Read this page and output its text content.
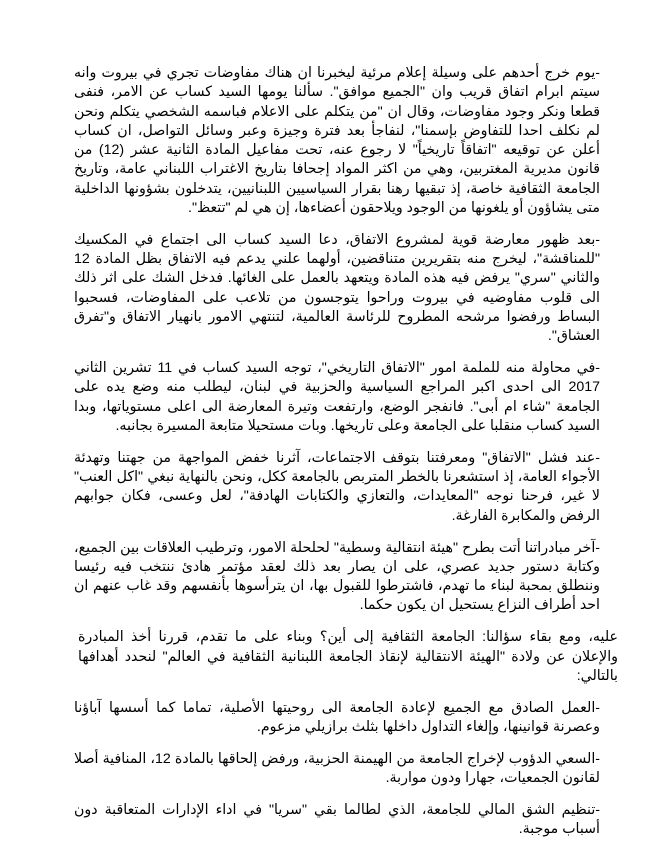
-يوم خرج أحدهم على وسيلة إعلام مرئية ليخبرنا ان هناك مفاوضات تجري في بيروت وانه سيتم ابرام اتفاق قريب وان "الجميع موافق". سألنا يومها السيد كساب عن الامر، فنفى قطعا ونكر وجود مفاوضات، وقال ان "من يتكلم على الاعلام فباسمه الشخصي يتكلم ونحن لم نكلف احدا للتفاوض بإسمنا"، لنفاجأ بعد فترة وجيزة وعبر وسائل التواصل، ان كساب أعلن عن توقيعه "اتفاقاً تاريخياً" لا رجوع عنه، تحت مفاعيل المادة الثانية عشر (12) من قانون مديرية المغتربين، وهي من اكثر المواد إجحافا بتاريخ الاغتراب اللبناني عامة، وتاريخ الجامعة الثقافية خاصة، إذ تبقيها رهنا بقرار السياسيين اللبنانيين، يتدخلون بشؤونها الداخلية متى يشاؤون أو يلغونها من الوجود ويلاحقون أعضاءها، إن هي لم "تتعظ".

-بعد ظهور معارضة قوية لمشروع الاتفاق، دعا السيد كساب الى اجتماع في المكسيك "للمناقشة"، ليخرج منه بتقريرين متناقضين، أولهما علني يدعم فيه الاتفاق بظل المادة 12 والثاني "سري" يرفض فيه هذه المادة ويتعهد بالعمل على الغائها. فدخل الشك على اثر ذلك الى قلوب مفاوضيه في بيروت وراحوا يتوجسون من تلاعب على المفاوضات، فسحبوا البساط ورفضوا مرشحه المطروح للرئاسة العالمية، لتنتهي الامور بانهيار الاتفاق و"تفرق العشاق".

-في محاولة منه للملمة امور "الاتفاق التاريخي"، توجه السيد كساب في 11 تشرين الثاني 2017 الى احدى اكبر المراجع السياسية والحزبية في لبنان، ليطلب منه وضع يده على الجامعة "شاء ام أبى". فانفجر الوضع، وارتفعت وتيرة المعارضة الى اعلى مستوياتها، وبدا السيد كساب منقلبا على الجامعة وعلى تاريخها. وبات مستحيلا متابعة المسيرة بجانبه.

-عند فشل "الاتفاق" ومعرفتنا بتوقف الاجتماعات، آثرنا خفض المواجهة من جهتنا وتهدئة الأجواء العامة، إذ استشعرنا بالخطر المتربص بالجامعة ككل، ونحن بالنهاية نبغي "اكل العنب" لا غير، فرحنا نوجه "المعايدات، والتعازي والكتابات الهادفة"، لعل وعسى، فكان جوابهم الرفض والمكابرة الفارغة.

-آخر مبادراتنا أتت بطرح "هيئة انتقالية وسطية" لحلحلة الامور، وترطيب العلاقات بين الجميع، وكتابة دستور جديد عصري، على ان يصار بعد ذلك لعقد مؤتمر هادئ ننتخب فيه رئيسا وننطلق بمحبة لبناء ما تهدم، فاشترطوا للقبول بها، ان يترأسوها بأنفسهم وقد غاب عنهم ان احد أطراف النزاع يستحيل ان يكون حكما.

عليه، ومع بقاء سؤالنا: الجامعة الثقافية إلى أين؟ وبناء على ما تقدم، قررنا أخذ المبادرة والإعلان عن ولادة "الهيئة الانتقالية لإنقاذ الجامعة اللبنانية الثقافية في العالم" لنحدد أهدافها بالتالي:

-العمل الصادق مع الجميع لإعادة الجامعة الى روحيتها الأصلية، تماما كما أسسها آباؤنا وعصرنة قوانينها، وإلغاء التداول داخلها بثلث برازيلي مزعوم.

-السعي الدؤوب لإخراج الجامعة من الهيمنة الحزبية، ورفض إلحاقها بالمادة 12، المنافية أصلا لقانون الجمعيات، جهارا ودون مواربة.

-تنظيم الشق المالي للجامعة، الذي لطالما بقي "سريا" في اداء الإدارات المتعاقبة دون أسباب موجبة.
